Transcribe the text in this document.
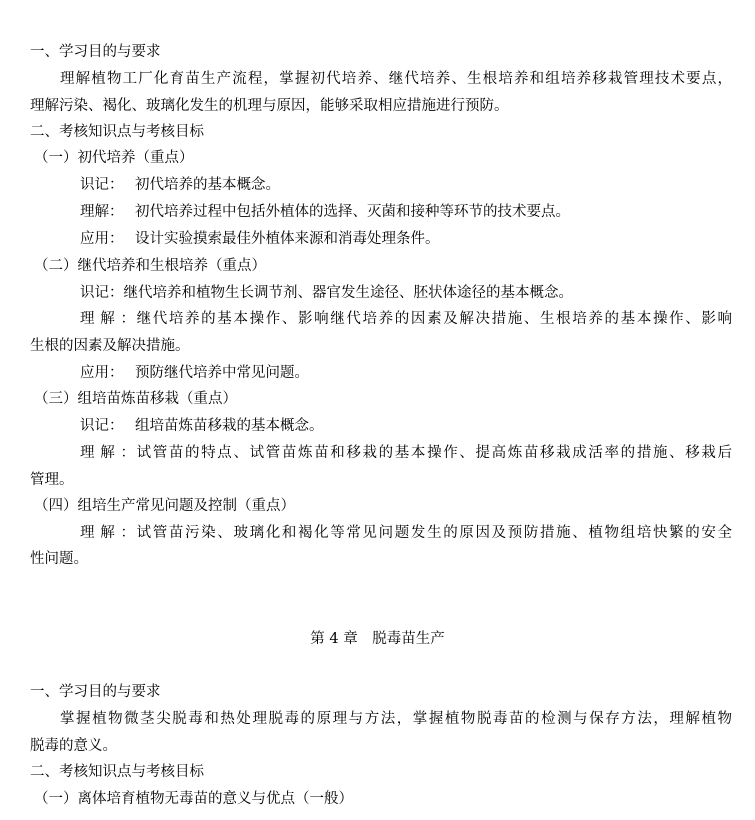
一、学习目的与要求
理解植物工厂化育苗生产流程，掌握初代培养、继代培养、生根培养和组培养移栽管理技术要点，
理解污染、褐化、玻璃化发生的机理与原因，能够采取相应措施进行预防。
二、考核知识点与考核目标
（一）初代培养（重点）
识记： 初代培养的基本概念。
理解： 初代培养过程中包括外植体的选择、灭菌和接种等环节的技术要点。
应用： 设计实验摸索最佳外植体来源和消毒处理条件。
（二）继代培养和生根培养（重点）
识记：继代培养和植物生长调节剂、器官发生途径、胚状体途径的基本概念。
理解：继代培养的基本操作、影响继代培养的因素及解决措施、生根培养的基本操作、影响
生根的因素及解决措施。
应用： 预防继代培养中常见问题。
（三）组培苗炼苗移栽（重点）
识记： 组培苗炼苗移栽的基本概念。
理解：试管苗的特点、试管苗炼苗和移栽的基本操作、提高炼苗移栽成活率的措施、移栽后
管理。
（四）组培生产常见问题及控制（重点）
理解：试管苗污染、玻璃化和褐化等常见问题发生的原因及预防措施、植物组培快繁的安全
性问题。
第 4 章　脱毒苗生产
一、学习目的与要求
掌握植物微茎尖脱毒和热处理脱毒的原理与方法，掌握植物脱毒苗的检测与保存方法，理解植物
脱毒的意义。
二、考核知识点与考核目标
（一）离体培育植物无毒苗的意义与优点（一般）
